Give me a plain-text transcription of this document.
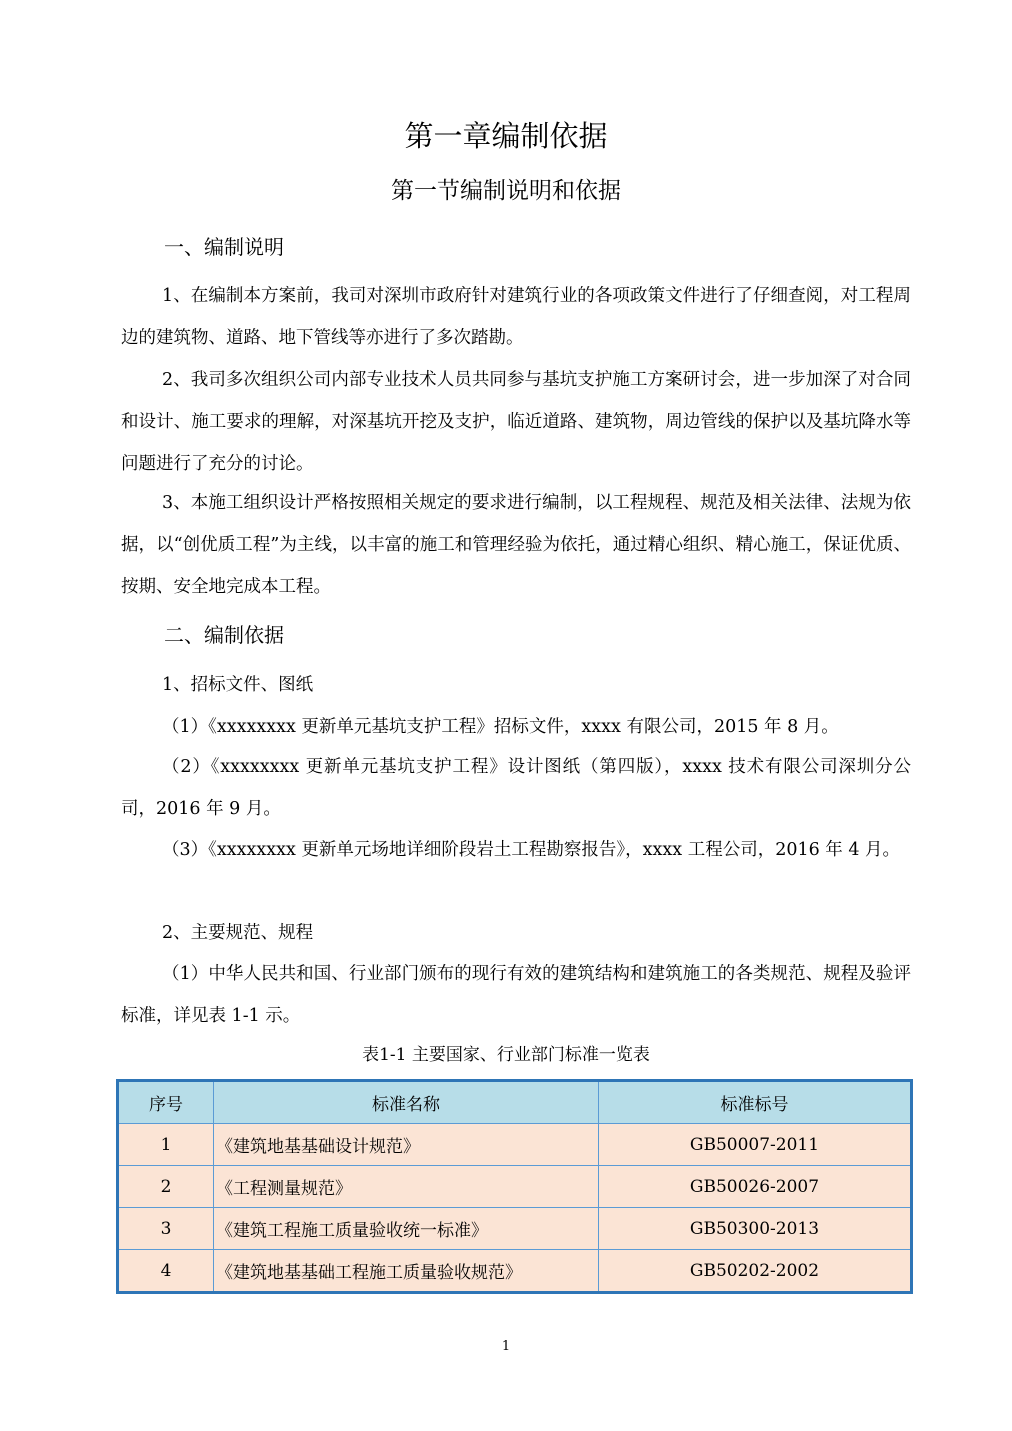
第一章编制依据
第一节编制说明和依据
一、编制说明

1、在编制本方案前，我司对深圳市政府针对建筑行业的各项政策文件进行了仔细查阅，对工程周边的建筑物、道路、地下管线等亦进行了多次踏勘。

2、我司多次组织公司内部专业技术人员共同参与基坑支护施工方案研讨会，进一步加深了对合同和设计、施工要求的理解，对深基坑开挖及支护，临近道路、建筑物，周边管线的保护以及基坑降水等问题进行了充分的讨论。

3、本施工组织设计严格按照相关规定的要求进行编制，以工程规程、规范及相关法律、法规为依据，以“创优质工程”为主线，以丰富的施工和管理经验为依托，通过精心组织、精心施工，保证优质、按期、安全地完成本工程。

二、编制依据
1、招标文件、图纸
（1）《xxxxxxxx 更新单元基坑支护工程》招标文件，xxxx 有限公司，2015 年 8 月。

（2）《xxxxxxxx 更新单元基坑支护工程》设计图纸（第四版），xxxx 技术有限公司深圳分公司，2016 年 9 月。

（3）《xxxxxxxx 更新单元场地详细阶段岩土工程勘察报告》，xxxx 工程公司，2016 年 4 月。

2、主要规范、规程

（1）中华人民共和国、行业部门颁布的现行有效的建筑结构和建筑施工的各类规范、规程及验评标准，详见表 1-1 示。

表1-1 主要国家、行业部门标准一览表
序号	标准名称	标准标号
1	《建筑地基基础设计规范》	GB50007-2011
2	《工程测量规范》	GB50026-2007
3	《建筑工程施工质量验收统一标准》	GB50300-2013
4	《建筑地基基础工程施工质量验收规范》	GB50202-2002
1
